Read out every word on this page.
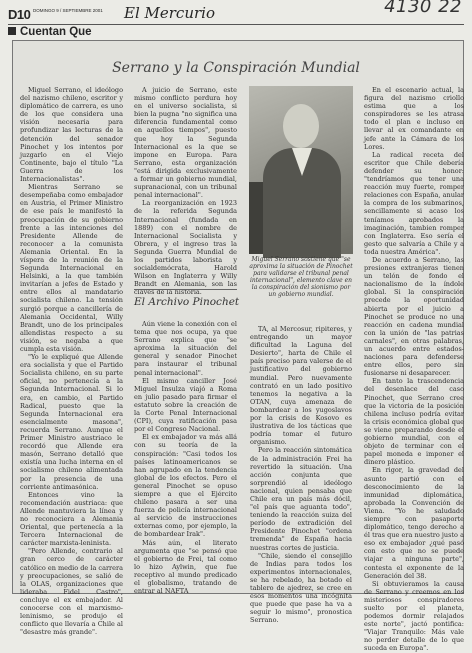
D10 DOMINGO 9 / SEPTIEMBRE 2001 El Mercurio	4130 22
Cuentan Que
Serrano y la Conspiración Mundial

Miguel Serrano, el ideólogo del nazismo chileno, escritor y diplomático de carrera, es uno de los que considera una visión necesaria para profundizar las lecturas de la detención del senador Pinochet y los intentos por juzgarlo en el Viejo Continente, bajo el título "La Guerra de los Internacionalistas".

Mientras Serrano se desempeñaba como embajador en Austria, el Primer Ministro de ese país le manifestó la preocupación de su gobierno frente a las intenciones del Presidente Allende de reconocer a la comunista Alemania Oriental. En la víspera de la reunión de la Segunda Internacional en Helsinki, a la que también invitarían a jefes de Estado y entre ellos al mandatario socialista chileno. La tensión surgió porque a cancillería de Alemania Occidental, Willy Brandt, uno de los principales allendistas respecto a su visión, se negaba a que cumpla esta visión.

"Yo le expliqué que Allende era socialista y que el Partido Socialista chileno, en su parte oficial, no pertenecía a la Segunda Internacional. Si lo era, en cambio, el Partido Radical, puesto que la Segunda Internacional era esencialmente masona", recuerda Serrano. Aunque el Primer Ministro austriaco le recordó que Allende era masón, Serrano detalló que existía una lucha interna en el socialismo chileno alimentada por la presencia de una corriente antimasónica.

Entonces vino la recomendación austriaca: que Allende mantuviera la línea y no reconociera a Alemania Oriental, que pertenecía a la Tercera Internacional de carácter marxista-leninista.

"Pero Allende, contrario al gran cerco de carácter católico en medio de la carrera y preocupaciones, se salió de la OLAS, organizaciones que lideraba Fidel Castro", concluye el ex embajador. Al conocerse con el marxismo-leninismo, se produjo el conflicto que llevaría a Chile al "desastre más grande".

A juicio de Serrano, este mismo conflicto perdura hoy en el universo socialista, si bien la pugna "no significa una diferencia fundamental como en aquellos tiempos", puesto que hoy la Segunda Internacional es la que se impone en Europa. Para Serrano, esta organización "está dirigida exclusivamente a formar un gobierno mundial, supranacional, con un tribunal penal internacional".

La reorganización en 1923 de la referida Segunda Internacional (fundada en 1889) con el nombre de Internacional Socialista y Obrera, y el ingreso tras la Segunda Guerra Mundial de los partidos laborista y socialdemócrata, Harold Wilson en Inglaterra y Willy Brandt en Alemania, son las claves de la historia.

El Archivo Pinochet

Aún viene la conexión con el tema que nos ocupa, ya que Serrano explica que "se aproxima la situación del general y senador Pinochet para instaurar el tribunal penal internacional".

El mismo canciller José Miguel Insulza viajó a Roma en julio pasado para firmar el estatuto sobre la creación de la Corte Penal Internacional (CPI), cuya ratificación pasa por el Congreso Nacional.

El ex embajador va más allá con su teoría de la conspiración: "Casi todos los países latinoamericanos se han agrupado en la tendencia global de los efectos. Pero el general Pinochet se opuso siempre a que el Ejército chileno pasara a ser una fuerza de policía internacional al servicio de instrucciones externas como, por ejemplo, la de bombardear Irak".

Más aún, el literato argumenta que "se pensó que el gobierno de Frei, tal como lo hizo Aylwin, que fue receptivo al mundo predicado el globalismo, tratando de entrar al NAFTA

Miguel Serrano sostiene que "se aproxima la situación de Pinochet para validarse el tribunal penal internacional", elemento clave en la conspiración del sionismo por un gobierno mundial.

TA, al Mercosur, ripiteres, y entregando un mayor dificultad la Laguna del Desierto", harta de Chile el país preciso para valerse de el justificativo del gobierno mundial. Pero nuevamente contrató en un lado positivo tenemos la negativa a la OTAN, cuya amenaza de bombardear a los yugoslavos por la crisis de Kosovo es ilustrativa de los tácticas que podría tomar el futuro organismo.

Pero la reacción sintomática de la administración Frei ha revertido la situación. Una acción conjunta que sorprendió al ideólogo nacional, quien pensaba que Chile era un país más dócil, "el país que aguanta todo", teniendo la reacción suiza del período de extradición del Presidente Pinochet "ordena tremenda" de España hacia nuestras cortes de justicia.

"Chile, siendo el consejillo de Indias para todos los experimentos internacionales, se ha rebelado, ha botado el tablero de ajedrez, se cree en esos momentos una incógnita que puede que pase ha va a seguir lo mismo", pronostica Serrano.

En el escenario actual, la figura del nazismo criollo estima que a los conspiradores se les atrasa todo el plan e incluso en llevar al ex comandante en jefe ante la Cámara de los Lores.

La radical receta del escritor que Chile debería defender su honor: "tendríamos que tener una reacción muy fuerte, romper relaciones con España, anular la compra de los submarinos, sencillamente si acaso los teníamos aprobados la imaginación, tambien romper con Inglaterra. Eso sería el gesto que salvaría a Chile y a toda nuestra América".

De acuerdo a Serrano, las presiones extranjeras tienen un telón de fondo el nacionalismo de la índole global. Si la conspiración precede la oportunidad abierta por el juicio a Pinochet se produce no una reacción en cadena mundial con la unión de "las patrias carnales", en otras palabras, un acuerdo entre estados-naciones para defenderse entre ellos, pero sin fusionarse ni desaparecer.

En tanto la trascendencia del desenlace del caso Pinochet, que Serrano cree que la victoria de la posición chilena incluso podría evitar la crisis económica global que se viene preparando desde el gobierno mundial, con el objeto de terminar con el papel moneda e imponer el dinero plástico.

En rigor, la gravedad del asunto partió con el desconocimiento de la inmunidad diplomática, aprobada la Convención de Viena. "Yo he saludado siempre con pasaporte diplomático, tengo derecho a él tras que era nuestro justo a eso ex embajador ¿qué pasó con esto que no se puede viajar a ninguna parte", contesta el exponente de la Generación del 38.

Si obtuvieramos la causa de Serrano y creemos en los misteriosos conspiradores suelto por el planeta, podemos dormir relajados este norte", jactó pontifica: "Viajar Tranquilo: Más vale no perder detalle de lo que suceda en Europa".
